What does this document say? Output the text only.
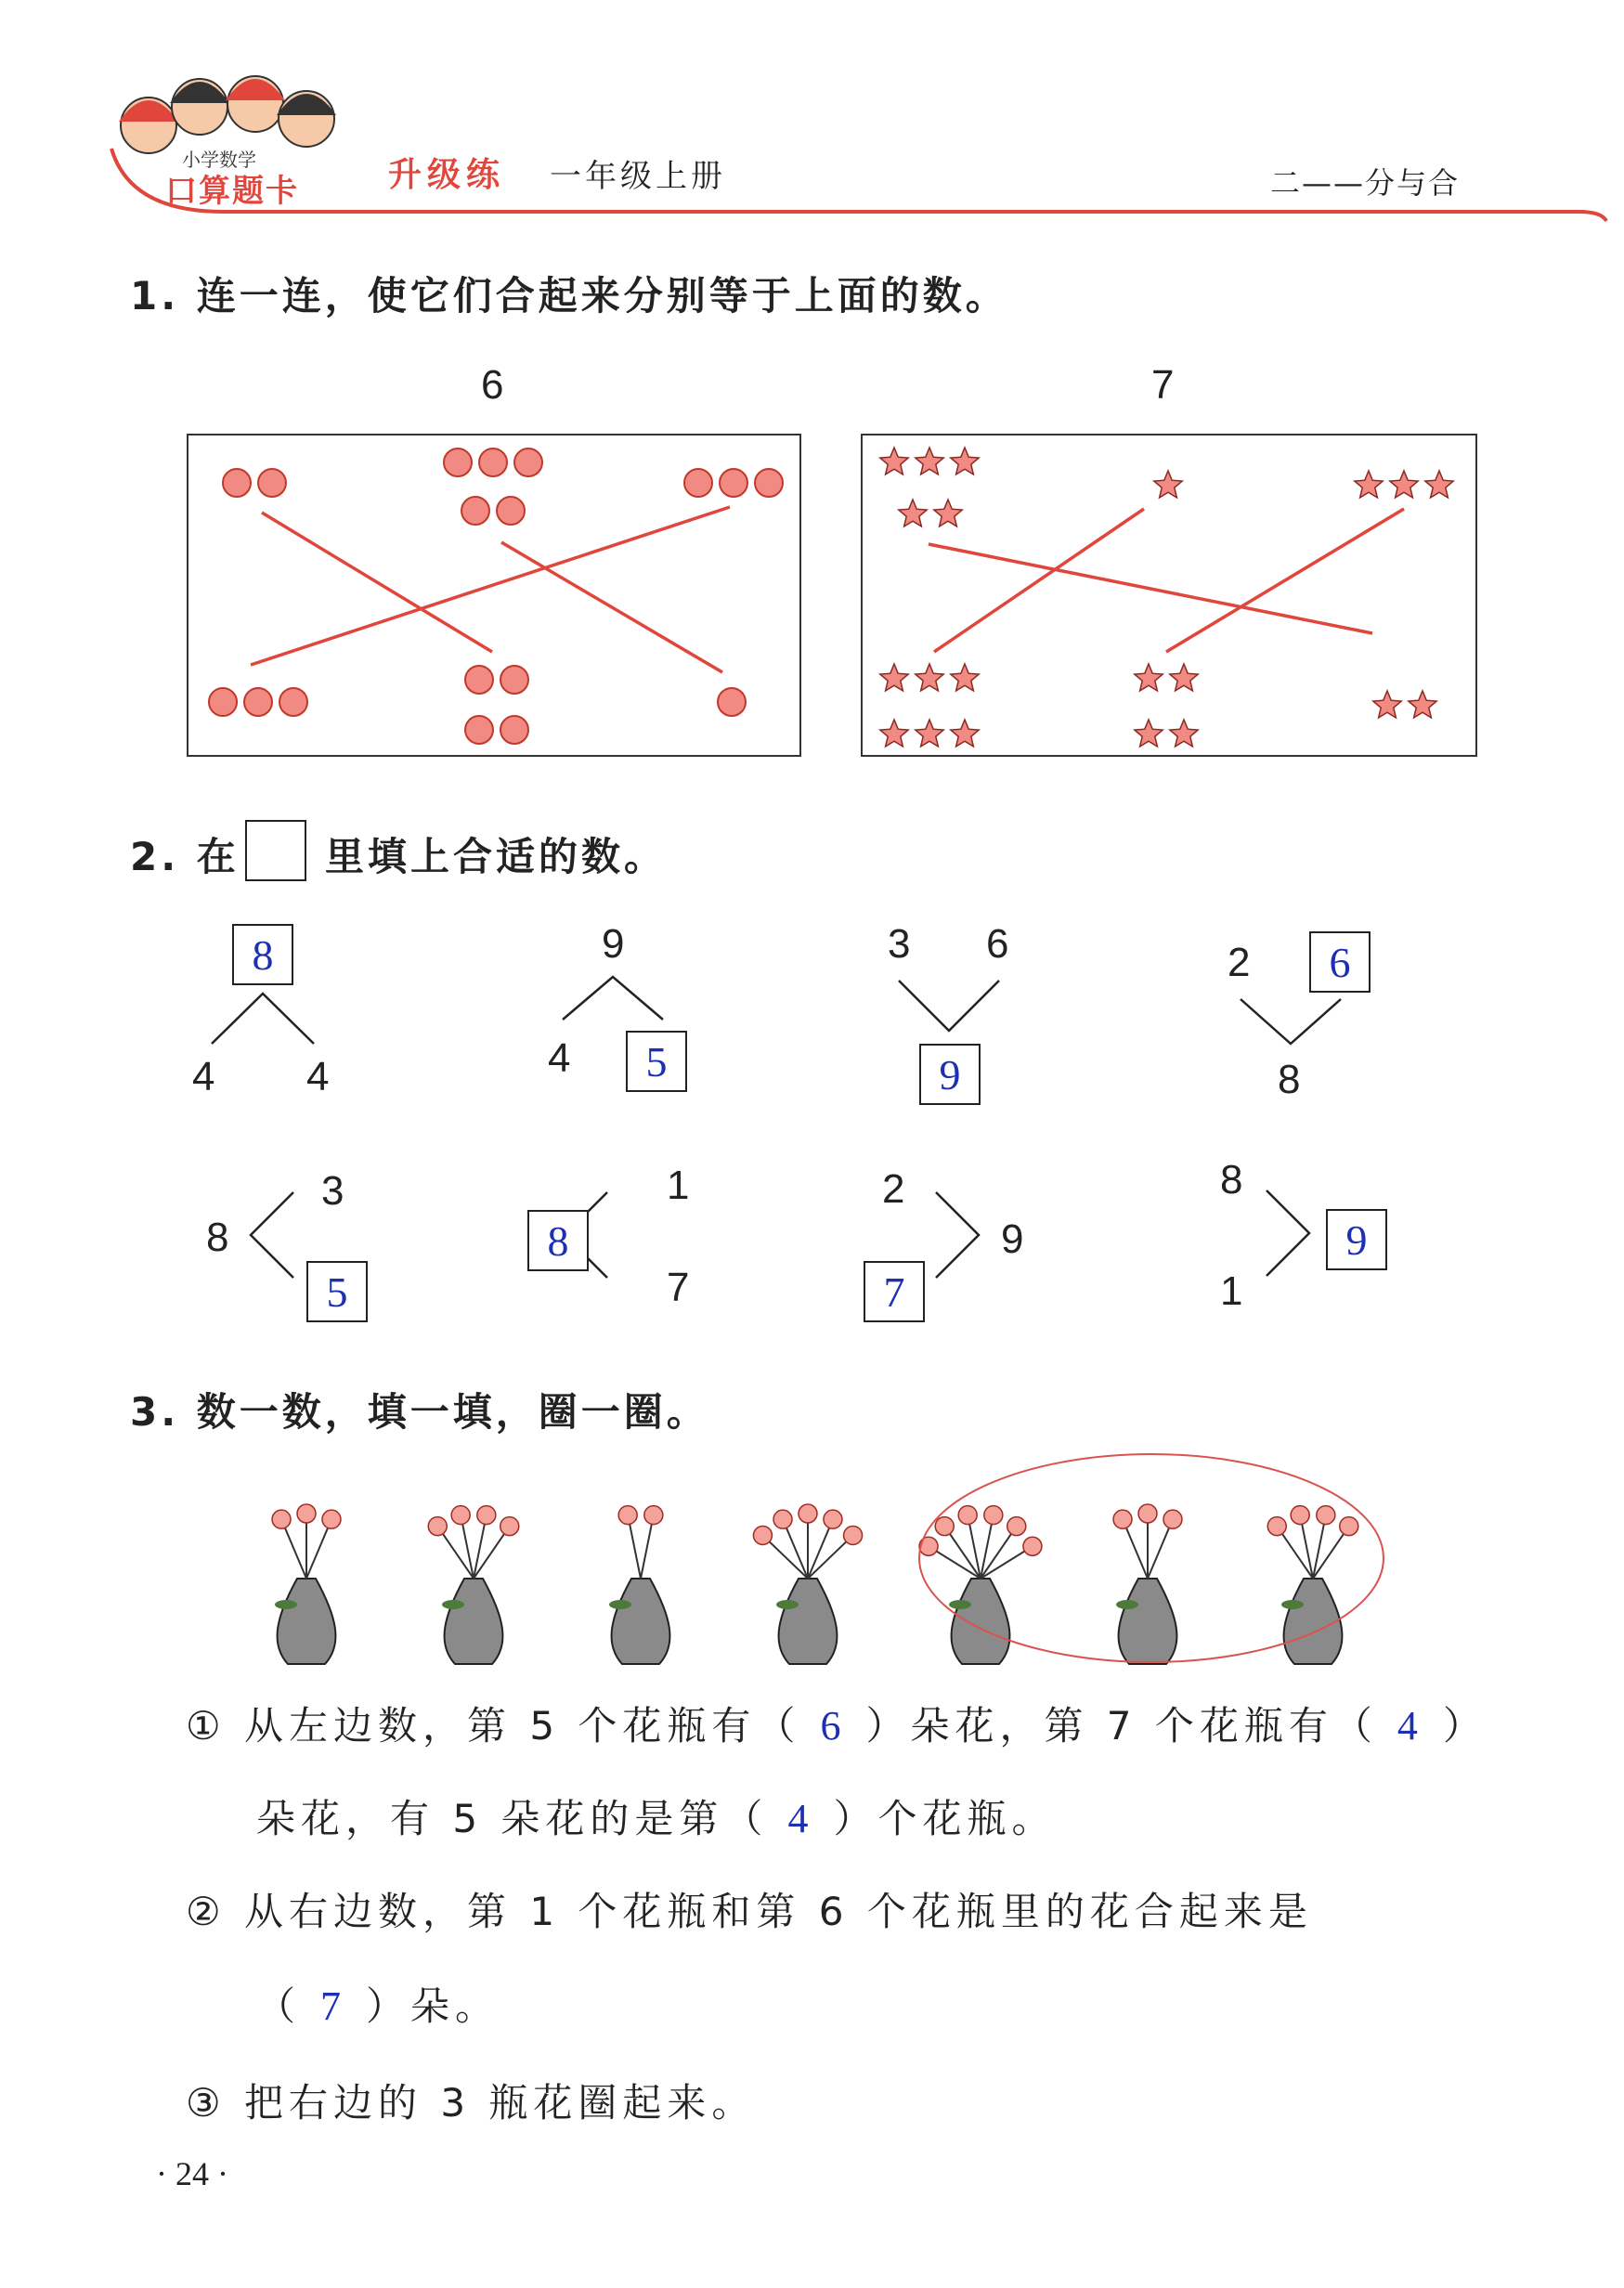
小学数学
口算题卡	升级练 一年级上册	二——分与合
1. 连一连，使它们合起来分别等于上面的数。
6	7
2. 在 里填上合适的数。
8
4 4
9
4	5
3 6
9
2	6
8
8
3
5
8
1
7
2
7
9
8
1
9
3. 数一数，填一填，圈一圈。
① 从左边数，第 5 个花瓶有（ 6 ）朵花，第 7 个花瓶有（ 4 ）
朵花，有 5 朵花的是第（ 4 ）个花瓶。
② 从右边数，第 1 个花瓶和第 6 个花瓶里的花合起来是
（ 7 ）朵。
③ 把右边的 3 瓶花圈起来。
· 24 ·
